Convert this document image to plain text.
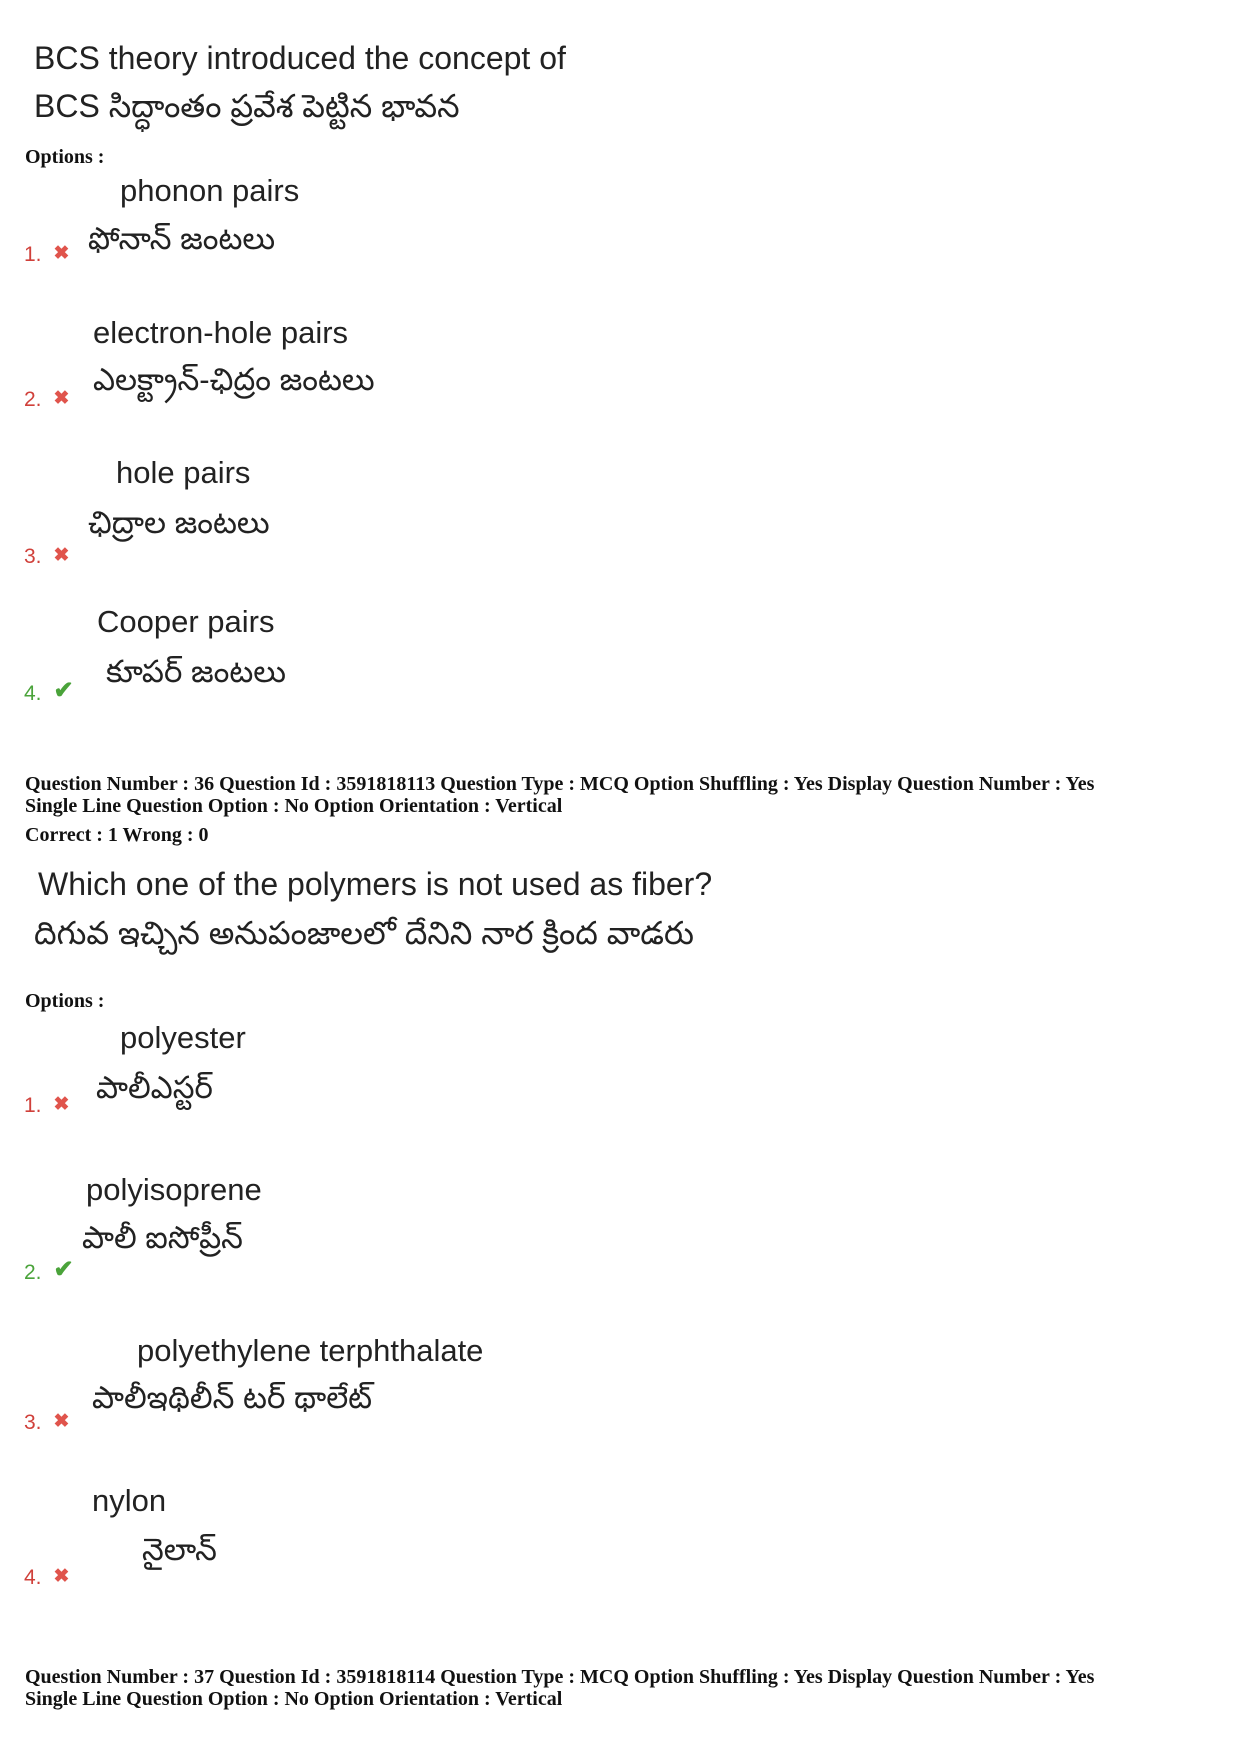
BCS theory introduced the concept of
BCS సిద్ధాంతం ప్రవేశ పెట్టిన భావన
Options :
phonon pairs
ఫోనాన్ జంటలు
1. ✖
electron-hole pairs
ఎలక్ట్రాన్-ఛిద్రం జంటలు
2. ✖
hole pairs
ఛిద్రాల జంటలు
3. ✖
Cooper pairs
కూపర్ జంటలు
4. ✔
Question Number : 36 Question Id : 3591818113 Question Type : MCQ Option Shuffling : Yes Display Question Number : Yes
Single Line Question Option : No Option Orientation : Vertical
Correct : 1 Wrong : 0
Which one of the polymers is not used as fiber?
దిగువ ఇచ్చిన అనుపంజాలలో దేనిని నార క్రింద వాడరు
Options :
polyester
పాలీఎస్టర్
1. ✖
polyisoprene
పాలీ ఐసోప్రీన్
2. ✔
polyethylene terphthalate
పాలీఇథిలీన్ టర్ థాలేట్
3. ✖
nylon
నైలాన్
4. ✖
Question Number : 37 Question Id : 3591818114 Question Type : MCQ Option Shuffling : Yes Display Question Number : Yes
Single Line Question Option : No Option Orientation : Vertical
